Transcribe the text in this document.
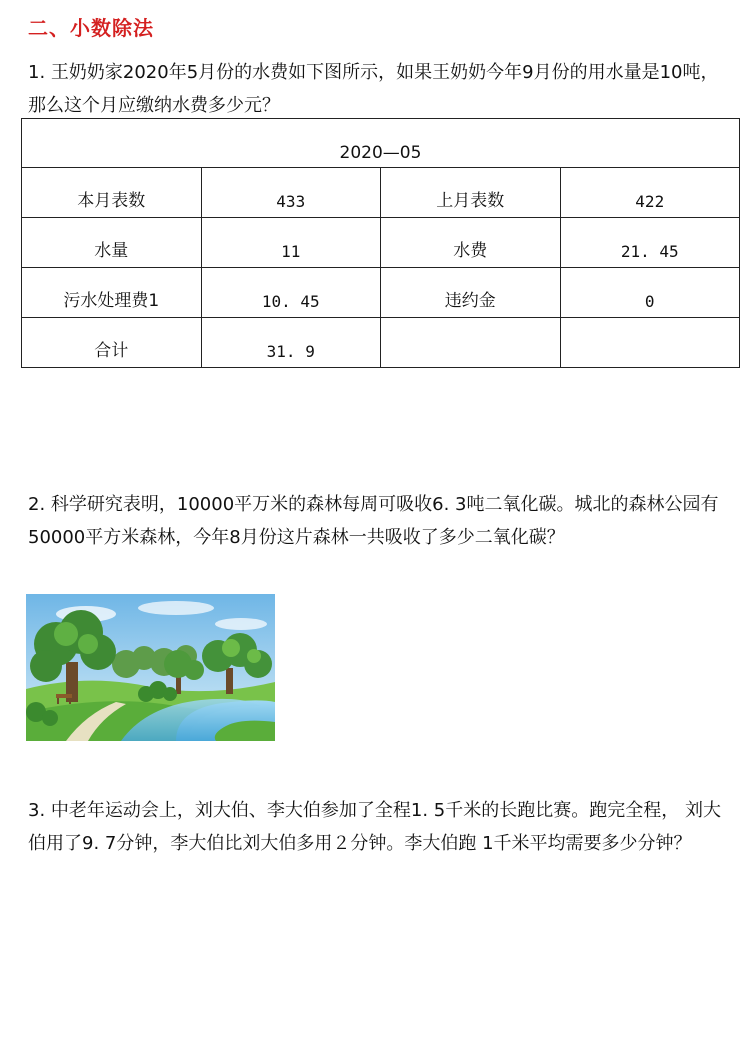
二、小数除法
1. 王奶奶家2020年5月份的水费如下图所示，如果王奶奶今年9月份的用水量是10吨，那么这个月应缴纳水费多少元？
2020—05			
本月表数	433	上月表数	422
水量	11	水费	21. 45
污水处理费1	10. 45	违约金	0
合计	31. 9		
2. 科学研究表明，10000平万米的森林每周可吸收6. 3吨二氧化碳。城北的森林公园有50000平方米森林，今年8月份这片森林一共吸收了多少二氧化碳？
3. 中老年运动会上，刘大伯、李大伯参加了全程1. 5千米的长跑比赛。跑完全程， 刘大伯用了9. 7分钟，李大伯比刘大伯多用２分钟。李大伯跑 1千米平均需要多少分钟？
